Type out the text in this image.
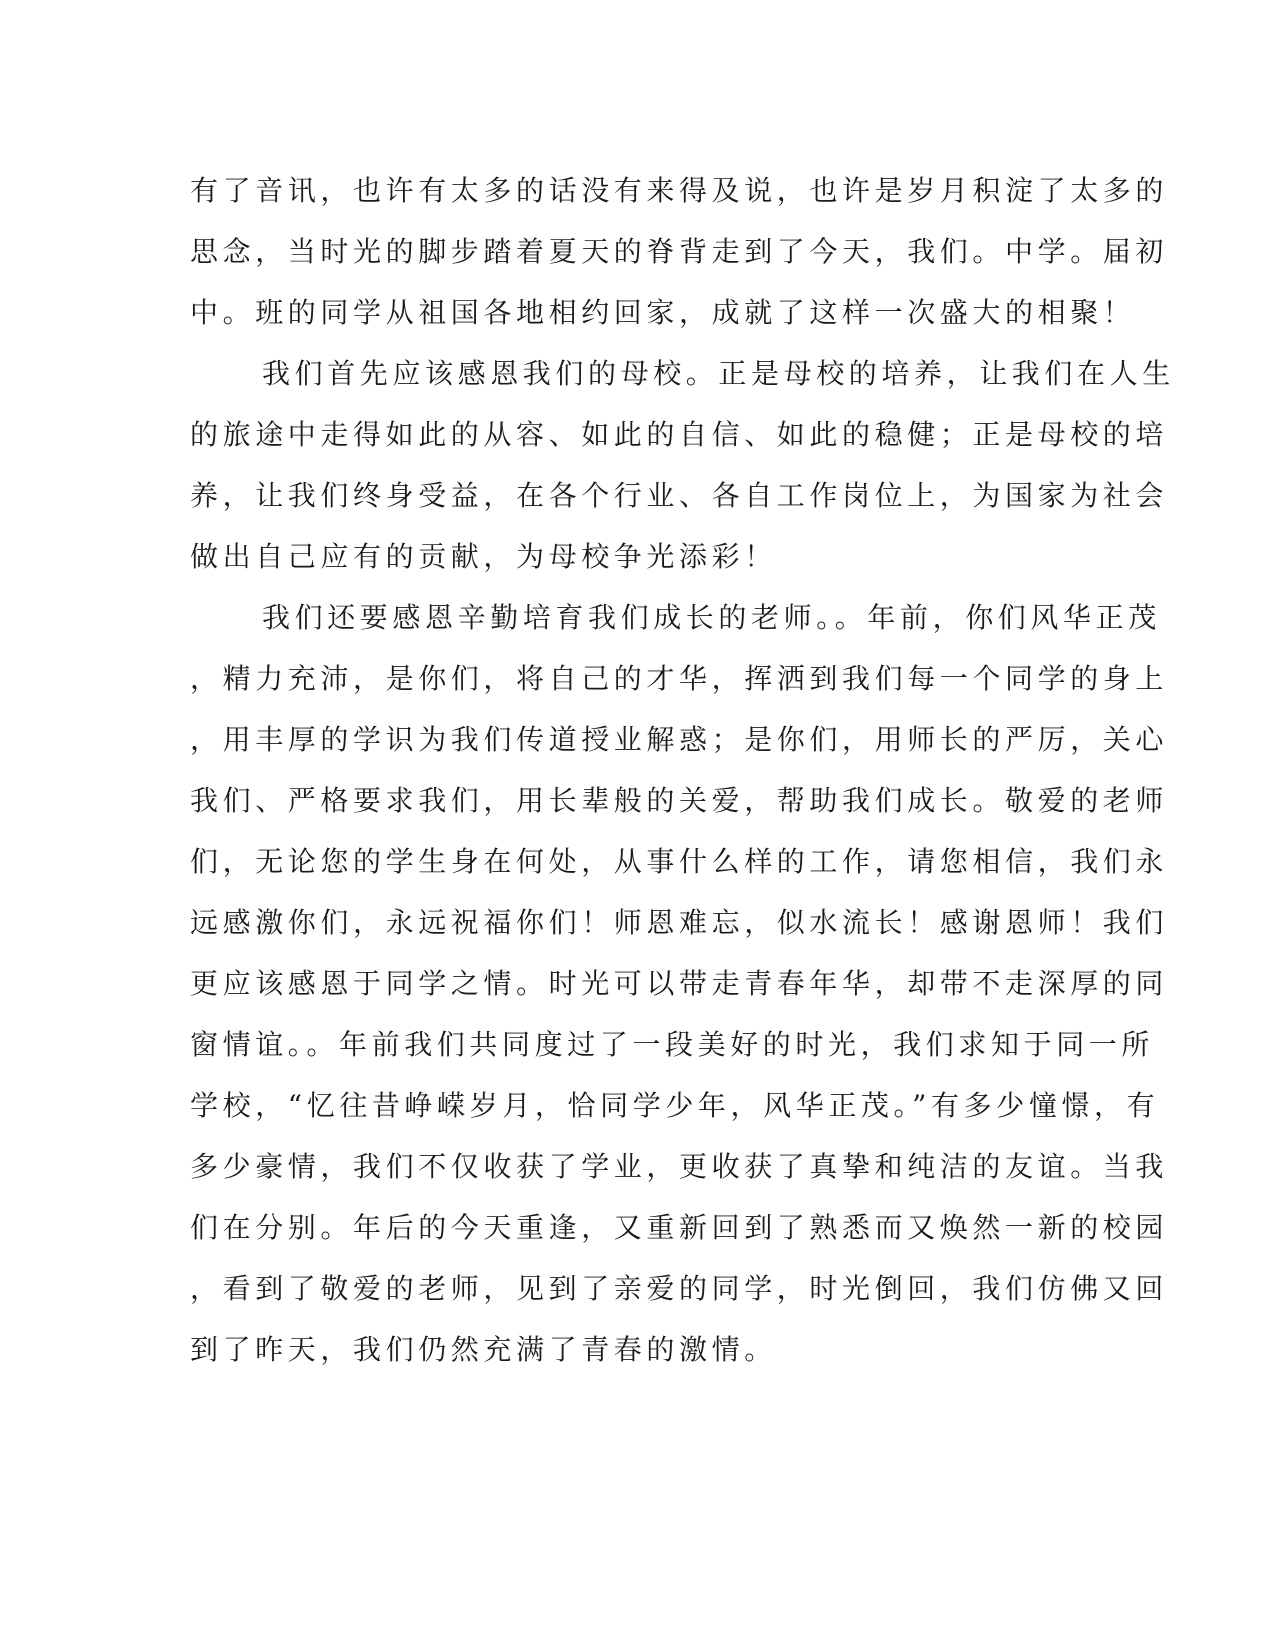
有了音讯，也许有太多的话没有来得及说，也许是岁月积淀了太多的
思念，当时光的脚步踏着夏天的脊背走到了今天，我们。中学。届初
中。班的同学从祖国各地相约回家，成就了这样一次盛大的相聚！
我们首先应该感恩我们的母校。正是母校的培养，让我们在人生
的旅途中走得如此的从容、如此的自信、如此的稳健；正是母校的培
养，让我们终身受益，在各个行业、各自工作岗位上，为国家为社会
做出自己应有的贡献，为母校争光添彩！
我们还要感恩辛勤培育我们成长的老师。。年前，你们风华正茂
，精力充沛，是你们，将自己的才华，挥洒到我们每一个同学的身上
，用丰厚的学识为我们传道授业解惑；是你们，用师长的严厉，关心
我们、严格要求我们，用长辈般的关爱，帮助我们成长。敬爱的老师
们，无论您的学生身在何处，从事什么样的工作，请您相信，我们永
远感激你们，永远祝福你们！师恩难忘，似水流长！感谢恩师！我们
更应该感恩于同学之情。时光可以带走青春年华，却带不走深厚的同
窗情谊。。年前我们共同度过了一段美好的时光，我们求知于同一所
学校，“忆往昔峥嵘岁月，恰同学少年，风华正茂。”有多少憧憬，有
多少豪情，我们不仅收获了学业，更收获了真挚和纯洁的友谊。当我
们在分别。年后的今天重逢，又重新回到了熟悉而又焕然一新的校园
，看到了敬爱的老师，见到了亲爱的同学，时光倒回，我们仿佛又回
到了昨天，我们仍然充满了青春的激情。
